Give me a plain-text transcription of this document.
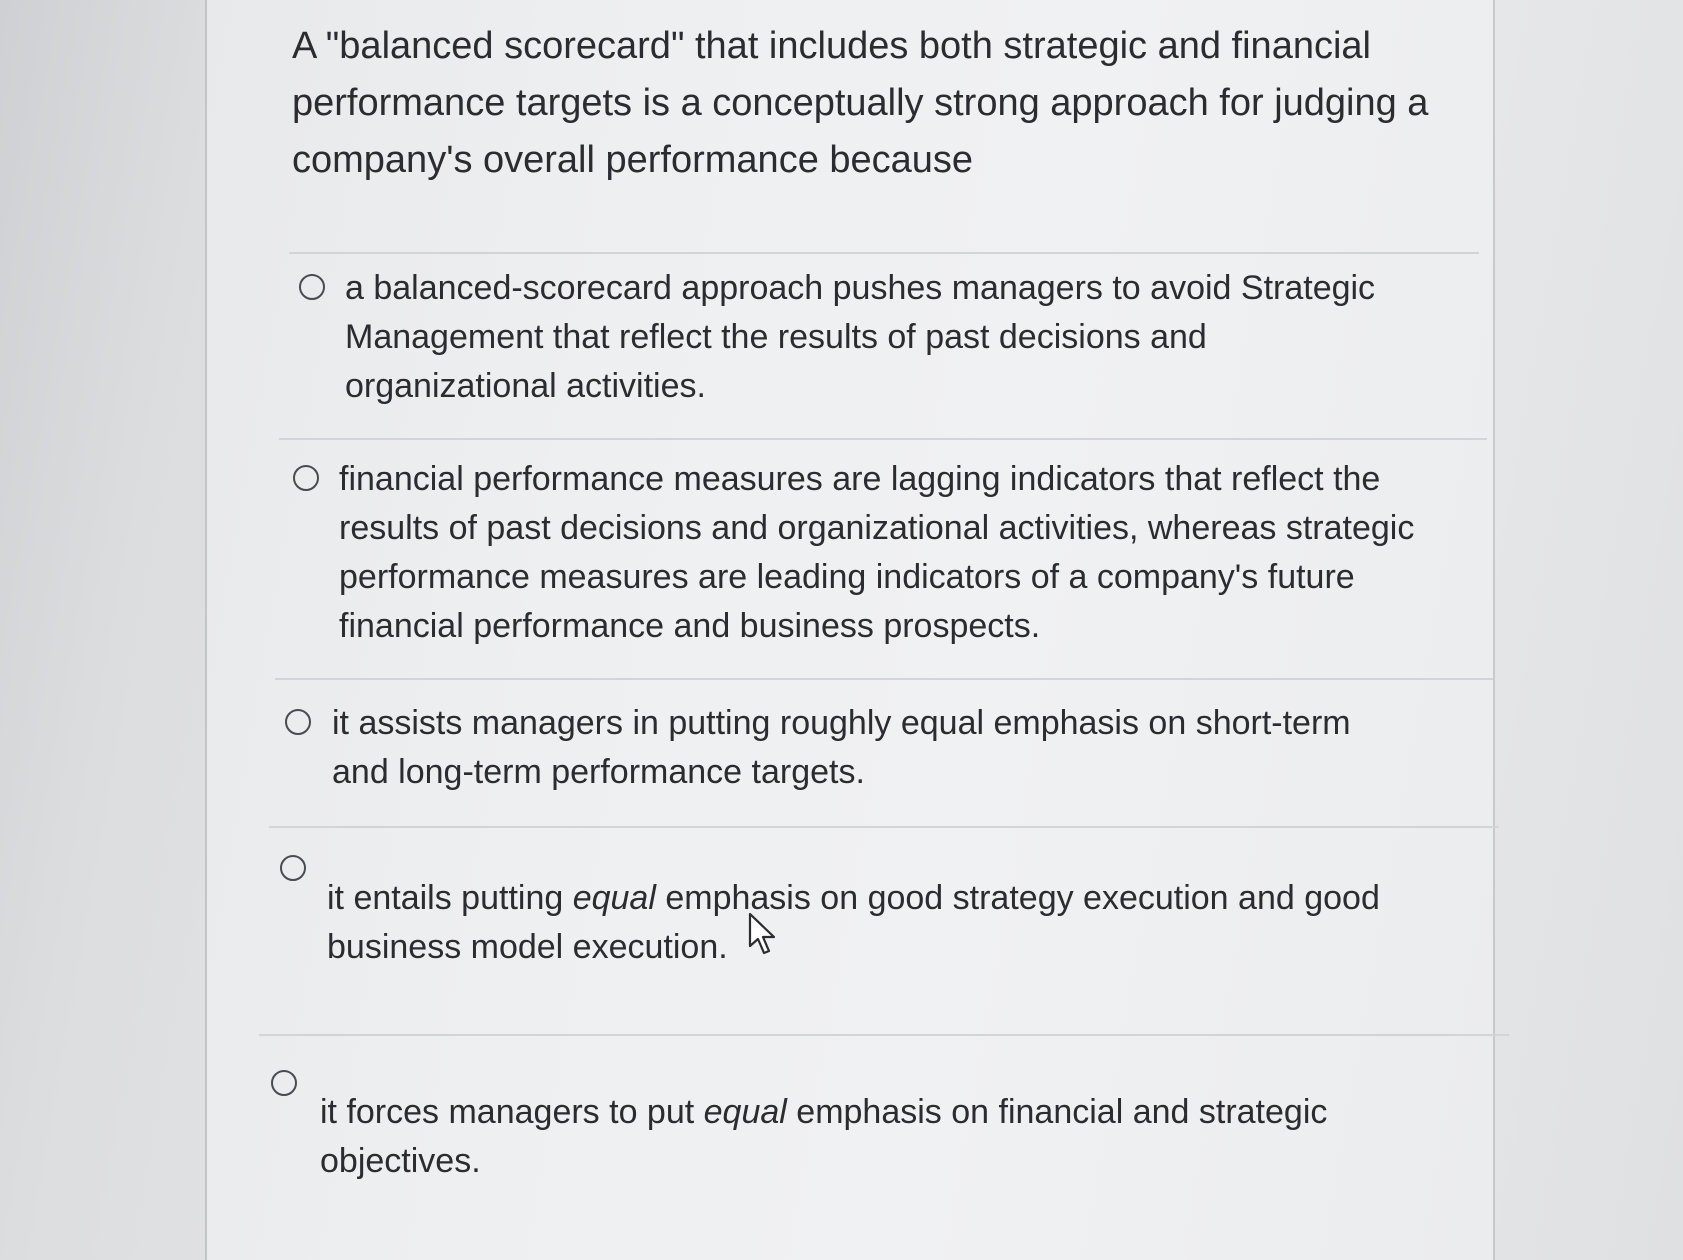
A "balanced scorecard" that includes both strategic and financial performance targets is a conceptually strong approach for judging a company's overall performance because

a balanced-scorecard approach pushes managers to avoid Strategic Management that reflect the results of past decisions and organizational activities.

financial performance measures are lagging indicators that reflect the results of past decisions and organizational activities, whereas strategic performance measures are leading indicators of a company's future financial performance and business prospects.

it assists managers in putting roughly equal emphasis on short-term and long-term performance targets.

it entails putting equal emphasis on good strategy execution and good business model execution.

it forces managers to put equal emphasis on financial and strategic objectives.
